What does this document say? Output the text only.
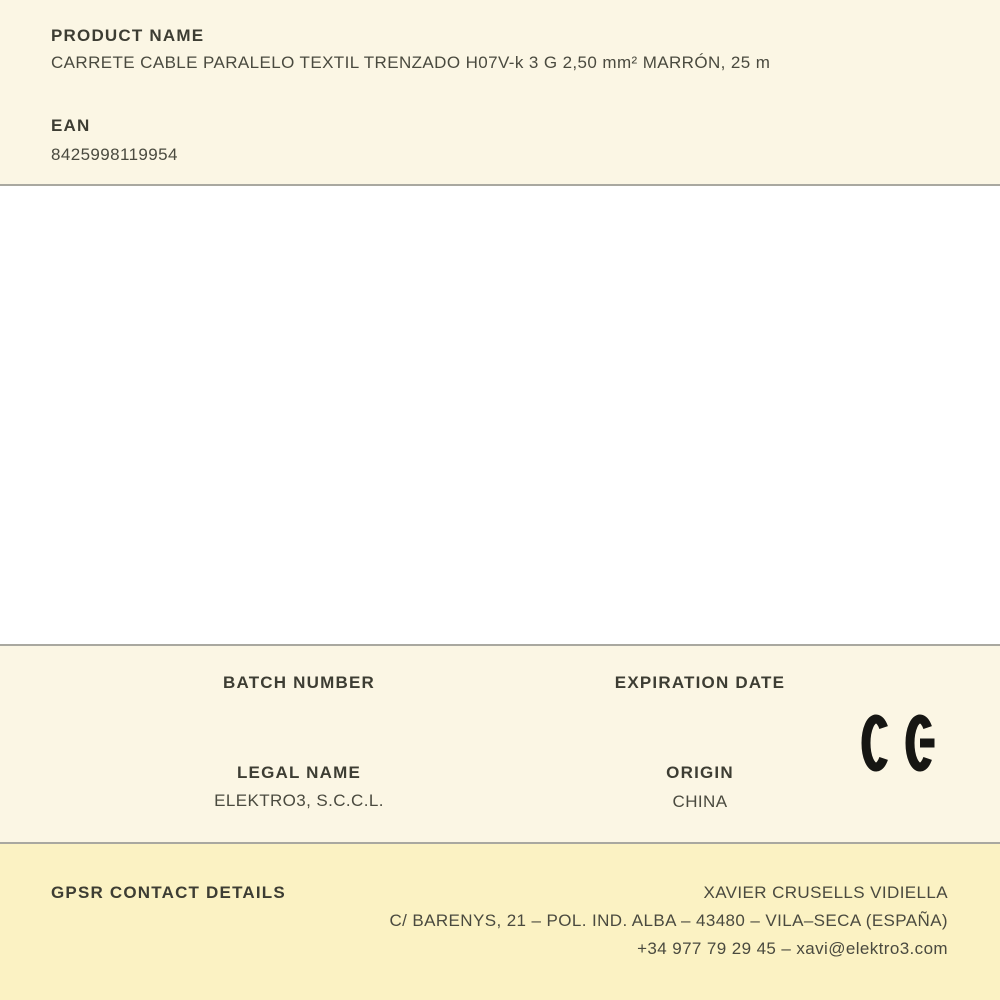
PRODUCT NAME
CARRETE CABLE PARALELO TEXTIL TRENZADO H07V-k 3 G 2,50 mm² MARRÓN, 25 m
EAN
8425998119954
BATCH NUMBER	EXPIRATION DATE
LEGAL NAME
ELEKTRO3, S.C.C.L.
ORIGIN
CHINA
GPSR CONTACT DETAILS	XAVIER CRUSELLS VIDIELLA
C/ BARENYS, 21 – POL. IND. ALBA – 43480 – VILA–SECA (ESPAÑA)
+34 977 79 29 45 – xavi@elektro3.com
